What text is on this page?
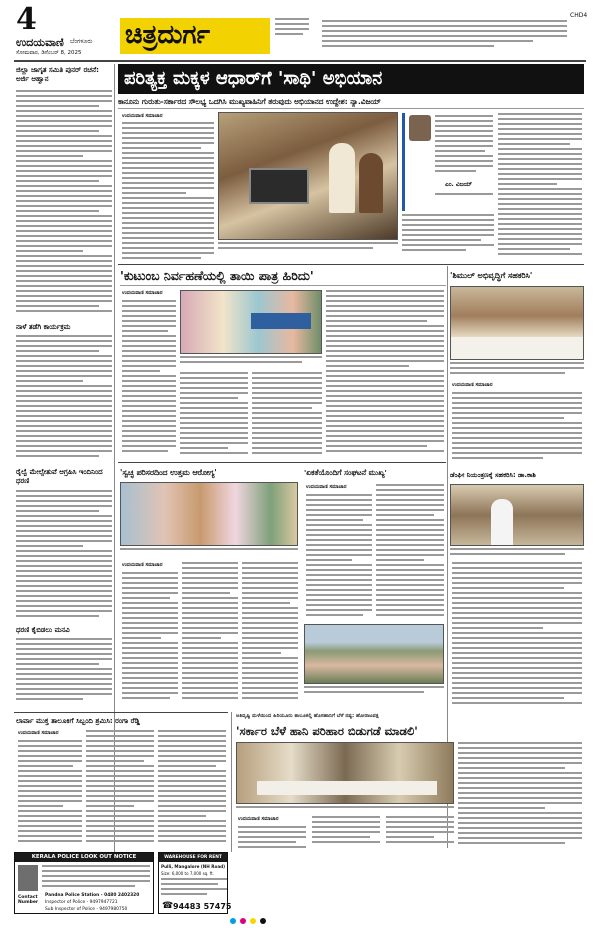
4
ಉದಯವಾಣಿ ಬೆಂಗಳೂರು
ಸೋಮವಾರ, ಡಿಸೆಂಬರ್ 8, 2025
ಚಿತ್ರದುರ್ಗ
CHD4
ಜಿಲ್ಲಾ ಜಾಗೃತ ಸಮಿತಿ ಪುನರ್ ರಚನೆ: ಅರ್ಜಿ ಆಹ್ವಾನ
ನಾಳೆ ತಡೆಗಿ ಕಾರ್ಯಕ್ರಮ
ರೈಲ್ವೆ ಮೇಲ್ಸೇತುವೆ ಆಗ್ರಹಿಸಿ ಇಂದಿನಿಂದ ಧರಣಿ
ಧರಣಿ ಕೈಬಿಡಲು ಮನವಿ
ಪರಿತ್ಯಕ್ತ ಮಕ್ಕಳ ಆಧಾರ್‌ಗೆ 'ಸಾಥಿ' ಅಭಿಯಾನ
ಕಾನೂನು ಗುರುತು-ಸರ್ಕಾರದ ಸೌಲಭ್ಯ ಒದಗಿಸಿ ಮುಖ್ಯವಾಹಿನಿಗೆ ತರುವುದು ಅಭಿಯಾನದ ಉದ್ದೇಶ: ನ್ಯಾ.ವಿಜಯ್
ಉದಯವಾಣಿ ಸಮಾಚಾರ
ಎಂ. ವಿಜಯ್
'ಕುಟುಂಬ ನಿರ್ವಹಣೆಯಲ್ಲಿ ತಾಯಿ ಪಾತ್ರ ಹಿರಿದು'
ಉದಯವಾಣಿ ಸಮಾಚಾರ
'ಶಿಮುಲ್ ಅಭಿವೃದ್ಧಿಗೆ ಸಹಕರಿಸಿ'
ಉದಯವಾಣಿ ಸಮಾಚಾರ
ಡೆಂಘೀ ನಿಯಂತ್ರಣಕ್ಕೆ ಸಹಕರಿಸಿ: ಡಾ.ಕಾಶಿ
'ಸ್ವಚ್ಛ ಪರಿಸರದಿಂದ ಉತ್ತಮ ಆರೋಗ್ಯ'
ಉದಯವಾಣಿ ಸಮಾಚಾರ
'ಏಕತೆಯೊಂದಿಗೆ ಸಂಘಟನೆ ಮುಖ್ಯ'
ಉದಯವಾಣಿ ಸಮಾಚಾರ
ಲಾರ್ವಾ ಮುಕ್ತ ತಾಲೂಕಿಗೆ ಸಿಬ್ಬಂದಿ ಶ್ರಮಿಸಿ: ರಂಗಾ ರೆಡ್ಡಿ
ಉದಯವಾಣಿ ಸಮಾಚಾರ
ಅತಿವೃಷ್ಟಿ ಮಳೆಯಿಂದ ಹಿರಿಯೂರು ತಾಲೂಕಲ್ಲಿ ಹೊಸಹಾನಿಗೆ ಬೆಳೆ ನಷ್ಟ: ಹೋರಾಟಪಕ್ಷ
'ಸರ್ಕಾರ ಬೆಳೆ ಹಾನಿ ಪರಿಹಾರ ಬಿಡುಗಡೆ ಮಾಡಲಿ'
ಉದಯವಾಣಿ ಸಮಾಚಾರ
KERALA POLICE LOOK OUT NOTICE
Contact Number
Pandna Police Station - 0480 2402320
Inspector of Police - 9497947721
Sub Inspector of Police - 9497980750
WAREHOUSE FOR RENT
Pulli, Mangalore (NH Road)
Size: 6,000 to 7,000 sq. ft.
☎ 94483 57475
